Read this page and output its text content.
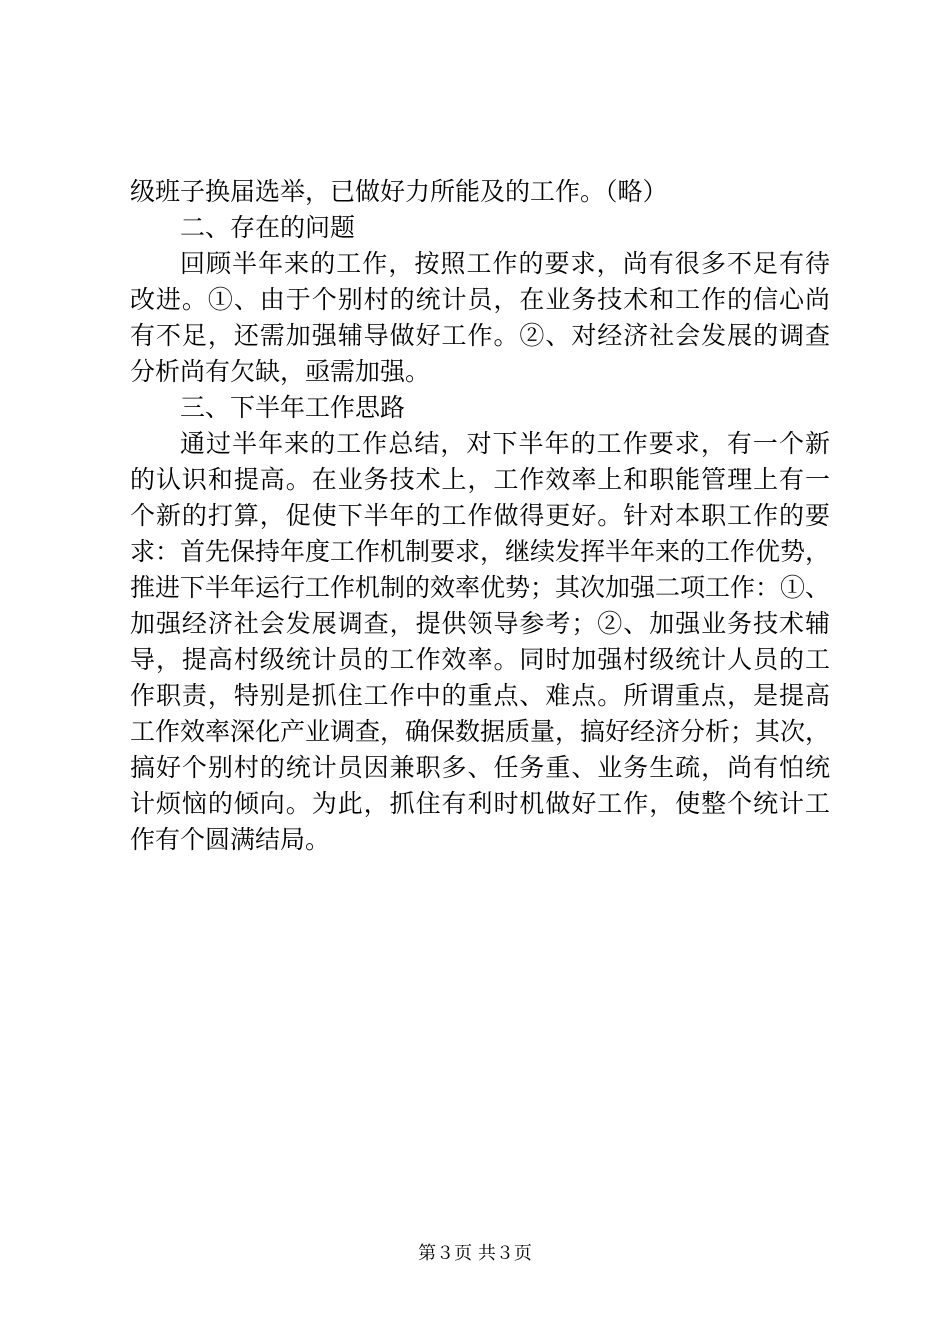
级班子换届选举，已做好力所能及的工作。（略）
二、存在的问题
回顾半年来的工作，按照工作的要求，尚有很多不足有待
改进。①、由于个别村的统计员，在业务技术和工作的信心尚
有不足，还需加强辅导做好工作。②、对经济社会发展的调查
分析尚有欠缺，亟需加强。
三、下半年工作思路
通过半年来的工作总结，对下半年的工作要求，有一个新
的认识和提高。在业务技术上，工作效率上和职能管理上有一
个新的打算，促使下半年的工作做得更好。针对本职工作的要
求：首先保持年度工作机制要求，继续发挥半年来的工作优势，
推进下半年运行工作机制的效率优势；其次加强二项工作：①、
加强经济社会发展调查，提供领导参考；②、加强业务技术辅
导，提高村级统计员的工作效率。同时加强村级统计人员的工
作职责，特别是抓住工作中的重点、难点。所谓重点，是提高
工作效率深化产业调查，确保数据质量，搞好经济分析；其次，
搞好个别村的统计员因兼职多、任务重、业务生疏，尚有怕统
计烦恼的倾向。为此，抓住有利时机做好工作，使整个统计工
作有个圆满结局。
第３页 共３页
